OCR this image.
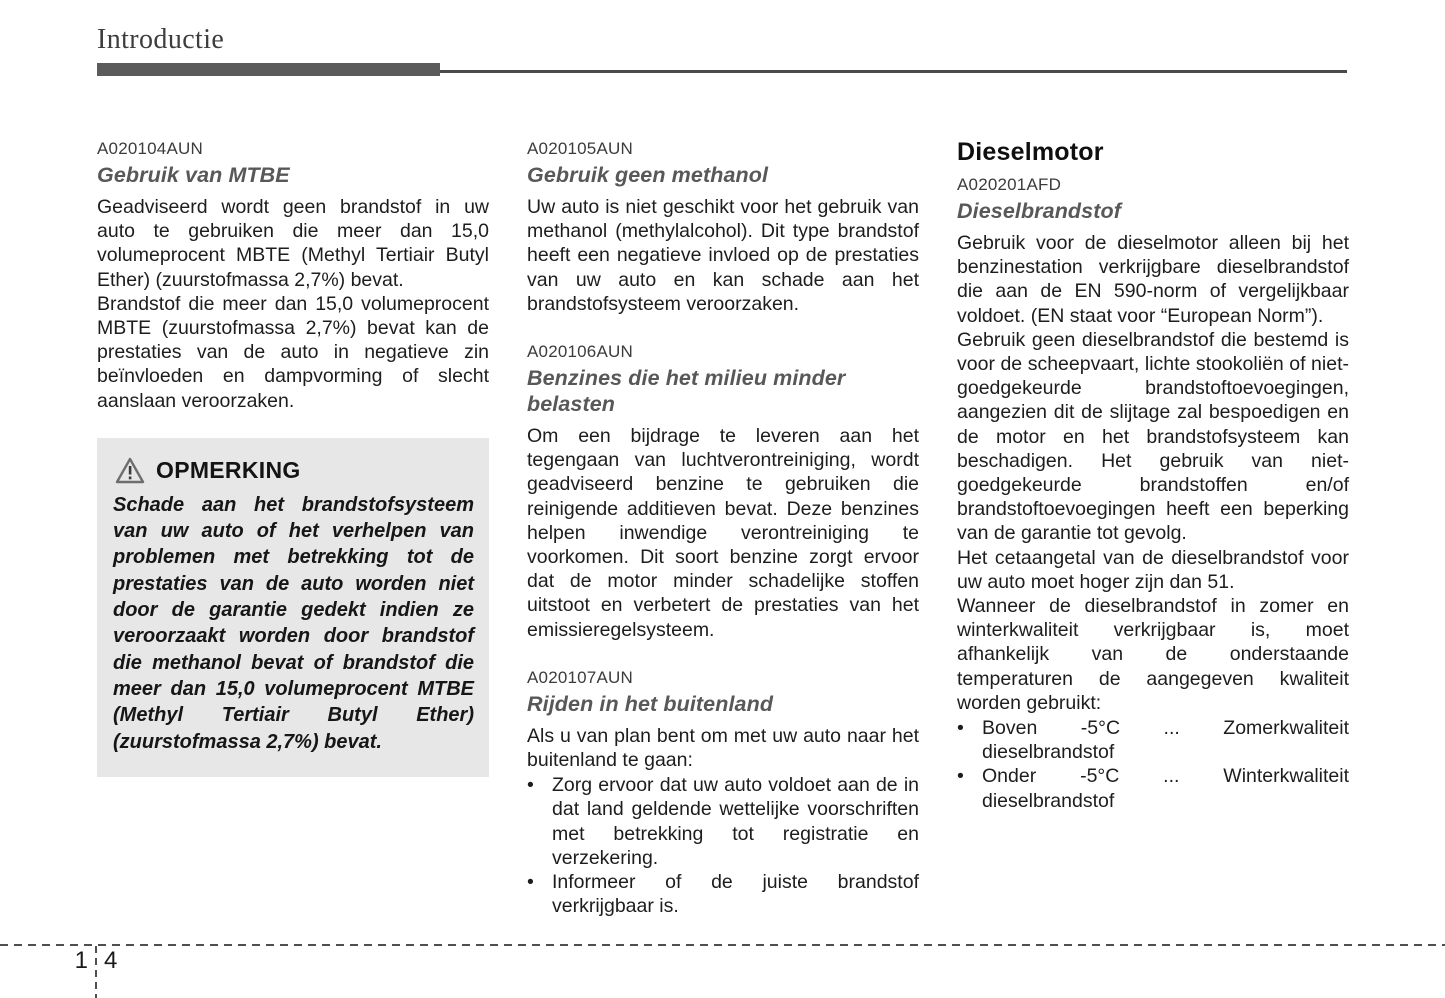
Introductie
A020104AUN
Gebruik van MTBE

Geadviseerd wordt geen brandstof in uw auto te gebruiken die meer dan 15,0 volumeprocent MBTE (Methyl Tertiair Butyl Ether) (zuurstofmassa 2,7%) bevat.

Brandstof die meer dan 15,0 volumeprocent MBTE (zuurstofmassa 2,7%) bevat kan de prestaties van de auto in negatieve zin beïnvloeden en dampvorming of slecht aanslaan veroorzaken.

OPMERKING

Schade aan het brandstofsysteem van uw auto of het verhelpen van problemen met betrekking tot de prestaties van de auto worden niet door de garantie gedekt indien ze veroorzaakt worden door brandstof die methanol bevat of brandstof die meer dan 15,0 volumeprocent MTBE (Methyl Tertiair Butyl Ether) (zuurstofmassa 2,7%) bevat.

A020105AUN
Gebruik geen methanol

Uw auto is niet geschikt voor het gebruik van methanol (methylalcohol). Dit type brandstof heeft een negatieve invloed op de prestaties van uw auto en kan schade aan het brandstofsysteem veroorzaken.

A020106AUN
Benzines die het milieu minder belasten

Om een bijdrage te leveren aan het tegengaan van luchtverontreiniging, wordt geadviseerd benzine te gebruiken die reinigende additieven bevat. Deze benzines helpen inwendige verontreiniging te voorkomen. Dit soort benzine zorgt ervoor dat de motor minder schadelijke stoffen uitstoot en verbetert de prestaties van het emissieregelsysteem.

A020107AUN
Rijden in het buitenland

Als u van plan bent om met uw auto naar het buitenland te gaan:

• Zorg ervoor dat uw auto voldoet aan de in dat land geldende wettelijke voorschriften met betrekking tot registratie en verzekering.

• Informeer of de juiste brandstof verkrijgbaar is.

Dieselmotor
A020201AFD
Dieselbrandstof

Gebruik voor de dieselmotor alleen bij het benzinestation verkrijgbare dieselbrandstof die aan de EN 590-norm of vergelijkbaar voldoet. (EN staat voor “European Norm”).

Gebruik geen dieselbrandstof die bestemd is voor de scheepvaart, lichte stookoliën of niet-goedgekeurde brandstoftoevoegingen, aangezien dit de slijtage zal bespoedigen en de motor en het brandstofsysteem kan beschadigen. Het gebruik van niet-goedgekeurde brandstoffen en/of brandstoftoevoegingen heeft een beperking van de garantie tot gevolg.

Het cetaangetal van de dieselbrandstof voor uw auto moet hoger zijn dan 51.

Wanneer de dieselbrandstof in zomer en winterkwaliteit verkrijgbaar is, moet afhankelijk van de onderstaande temperaturen de aangegeven kwaliteit worden gebruikt:

• Boven -5°C ... Zomerkwaliteit dieselbrandstof

• Onder -5°C ... Winterkwaliteit dieselbrandstof

1 4
